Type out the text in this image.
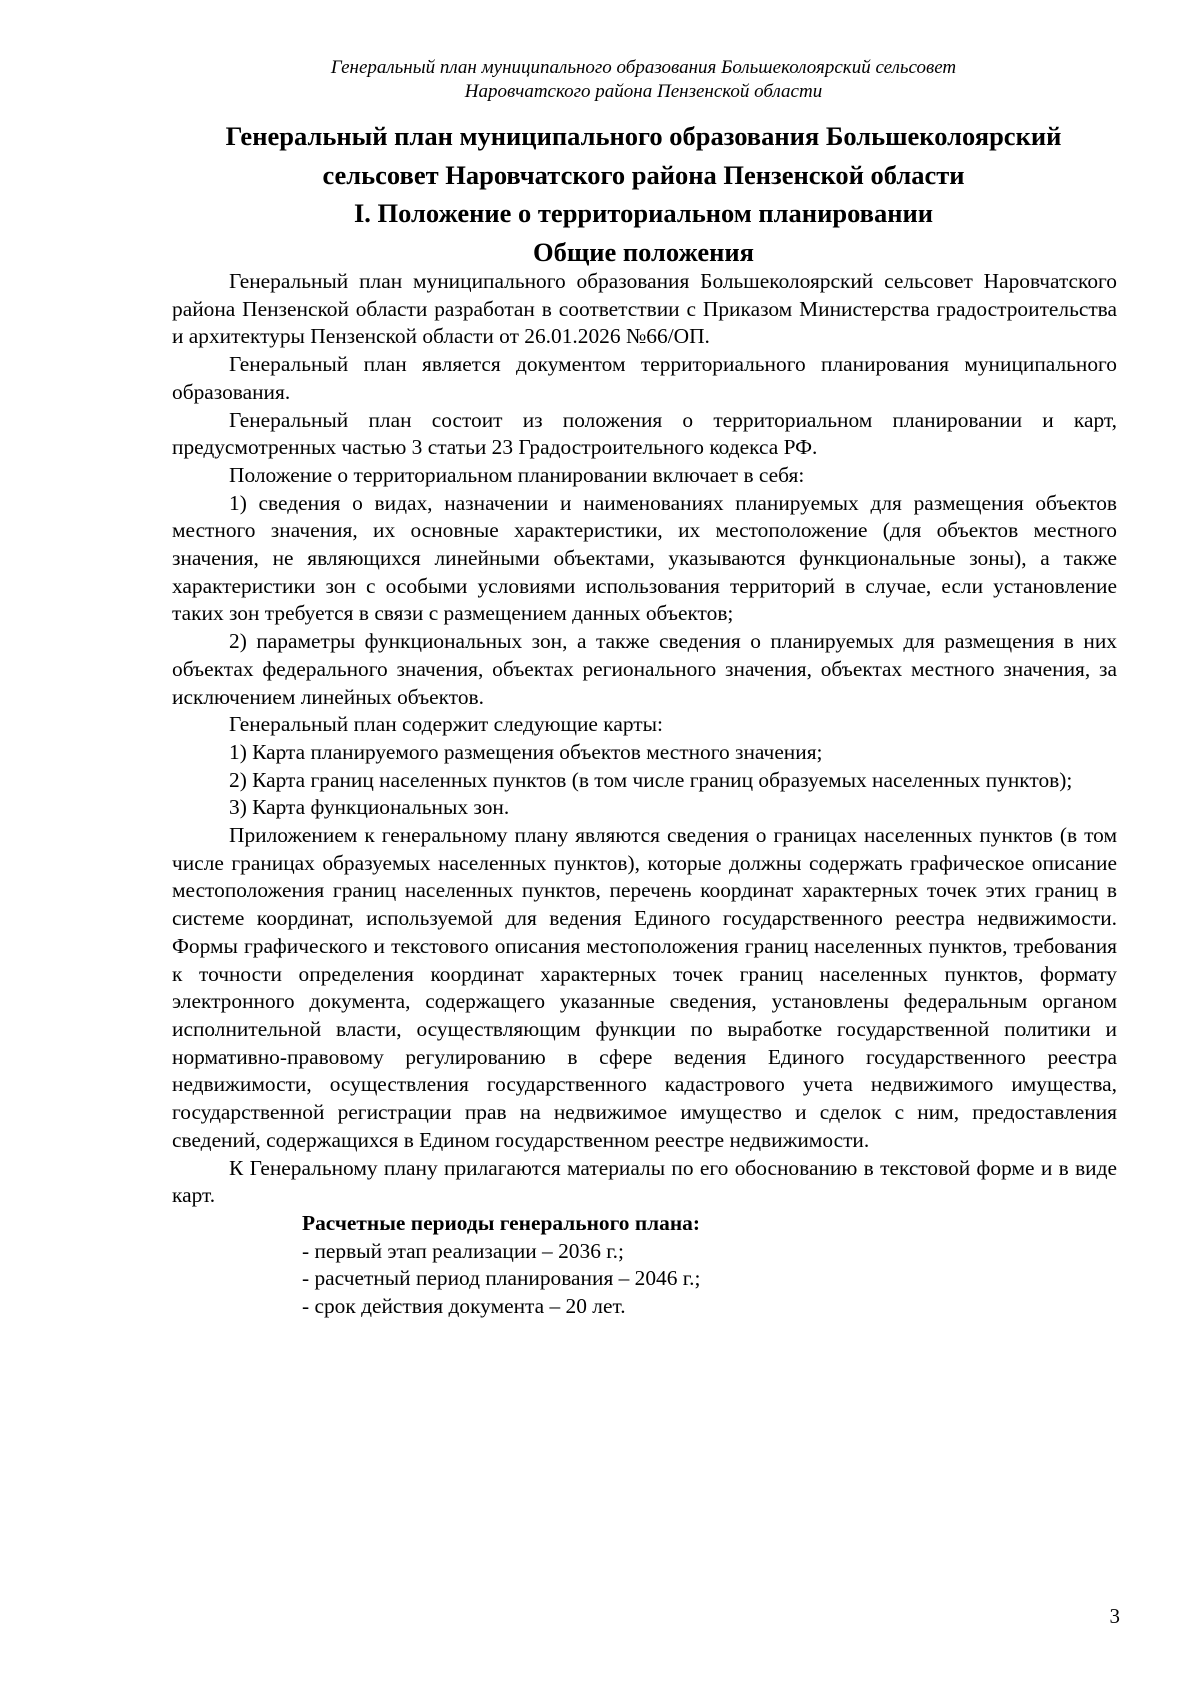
Генеральный план муниципального образования Большеколоярский сельсовет
Наровчатского района Пензенской области
Генеральный план муниципального образования Большеколоярский
сельсовет Наровчатского района Пензенской области
I. Положение о территориальном планировании
Общие положения

Генеральный план муниципального образования Большеколоярский сельсовет Наровчатского района Пензенской области разработан в соответствии с Приказом Министерства градостроительства и архитектуры Пензенской области от 26.01.2026 №66/ОП.

Генеральный план является документом территориального планирования муниципального образования.

Генеральный план состоит из положения о территориальном планировании и карт, предусмотренных частью 3 статьи 23 Градостроительного кодекса РФ.

Положение о территориальном планировании включает в себя:

1) сведения о видах, назначении и наименованиях планируемых для размещения объектов местного значения, их основные характеристики, их местоположение (для объектов местного значения, не являющихся линейными объектами, указываются функциональные зоны), а также характеристики зон с особыми условиями использования территорий в случае, если установление таких зон требуется в связи с размещением данных объектов;

2) параметры функциональных зон, а также сведения о планируемых для размещения в них объектах федерального значения, объектах регионального значения, объектах местного значения, за исключением линейных объектов.

Генеральный план содержит следующие карты:

1) Карта планируемого размещения объектов местного значения;

2) Карта границ населенных пунктов (в том числе границ образуемых населенных пунктов);

3) Карта функциональных зон.

Приложением к генеральному плану являются сведения о границах населенных пунктов (в том числе границах образуемых населенных пунктов), которые должны содержать графическое описание местоположения границ населенных пунктов, перечень координат характерных точек этих границ в системе координат, используемой для ведения Единого государственного реестра недвижимости. Формы графического и текстового описания местоположения границ населенных пунктов, требования к точности определения координат характерных точек границ населенных пунктов, формату электронного документа, содержащего указанные сведения, установлены федеральным органом исполнительной власти, осуществляющим функции по выработке государственной политики и нормативно-правовому регулированию в сфере ведения Единого государственного реестра недвижимости, осуществления государственного кадастрового учета недвижимого имущества, государственной регистрации прав на недвижимое имущество и сделок с ним, предоставления сведений, содержащихся в Едином государственном реестре недвижимости.

К Генеральному плану прилагаются материалы по его обоснованию в текстовой форме и в виде карт.

Расчетные периоды генерального плана:

- первый этап реализации – 2036 г.;

- расчетный период планирования – 2046 г.;

- срок действия документа – 20 лет.

3
